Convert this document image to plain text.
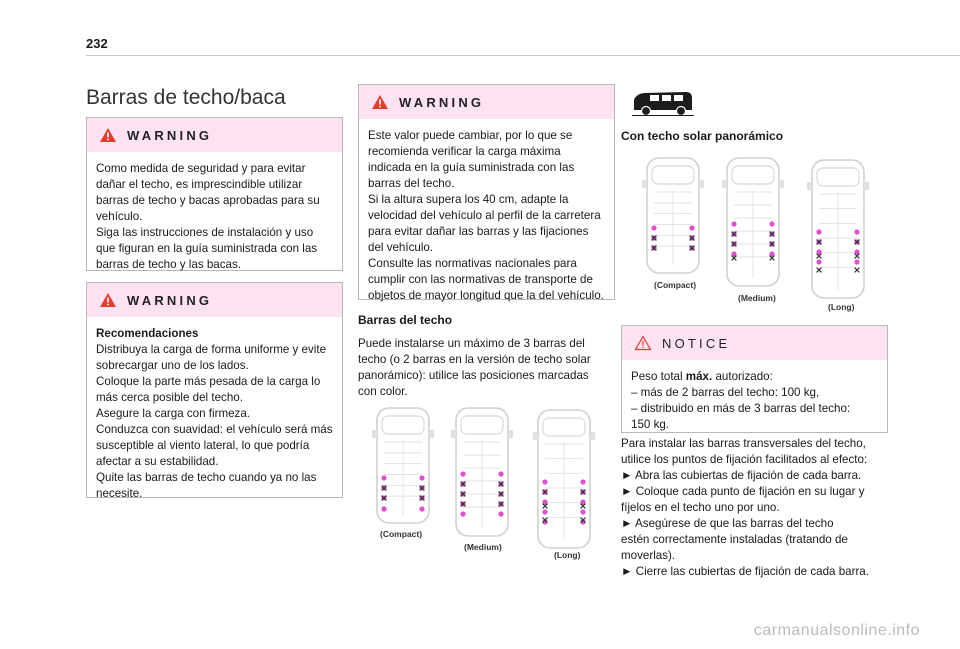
232
Barras de techo/baca
WARNING

Como medida de seguridad y para evitar

dañar el techo, es imprescindible utilizar

barras de techo y bacas aprobadas para su

vehículo.

Siga las instrucciones de instalación y uso

que figuran en la guía suministrada con las

barras de techo y las bacas.

WARNING

Recomendaciones

Distribuya la carga de forma uniforme y evite

sobrecargar uno de los lados.

Coloque la parte más pesada de la carga lo

más cerca posible del techo.

Asegure la carga con firmeza.

Conduzca con suavidad: el vehículo será más

susceptible al viento lateral, lo que podría

afectar a su estabilidad.

Quite las barras de techo cuando ya no las

necesite.

WARNING

Este valor puede cambiar, por lo que se

recomienda verificar la carga máxima

indicada en la guía suministrada con las

barras del techo.

Si la altura supera los 40 cm, adapte la

velocidad del vehículo al perfil de la carretera

para evitar dañar las barras y las fijaciones

del vehículo.

Consulte las normativas nacionales para

cumplir con las normativas de transporte de

objetos de mayor longitud que la del vehículo.

Barras del techo

Puede instalarse un máximo de 3 barras del

techo (o 2 barras en la versión de techo solar

panorámico): utilice las posiciones marcadas

con color.

(Compact)
(Medium)
(Long)
Con techo solar panorámico
(Compact)
(Medium)
(Long)
NOTICE

Peso total máx. autorizado:

– más de 2 barras del techo: 100 kg,

– distribuido en más de 3 barras del techo:

150 kg.

Para instalar las barras transversales del techo,

utilice los puntos de fijación facilitados al efecto:

► Abra las cubiertas de fijación de cada barra.

► Coloque cada punto de fijación en su lugar y

fíjelos en el techo uno por uno.

► Asegúrese de que las barras del techo

estén correctamente instaladas (tratando de

moverlas).

► Cierre las cubiertas de fijación de cada barra.

carmanualsonline.info
